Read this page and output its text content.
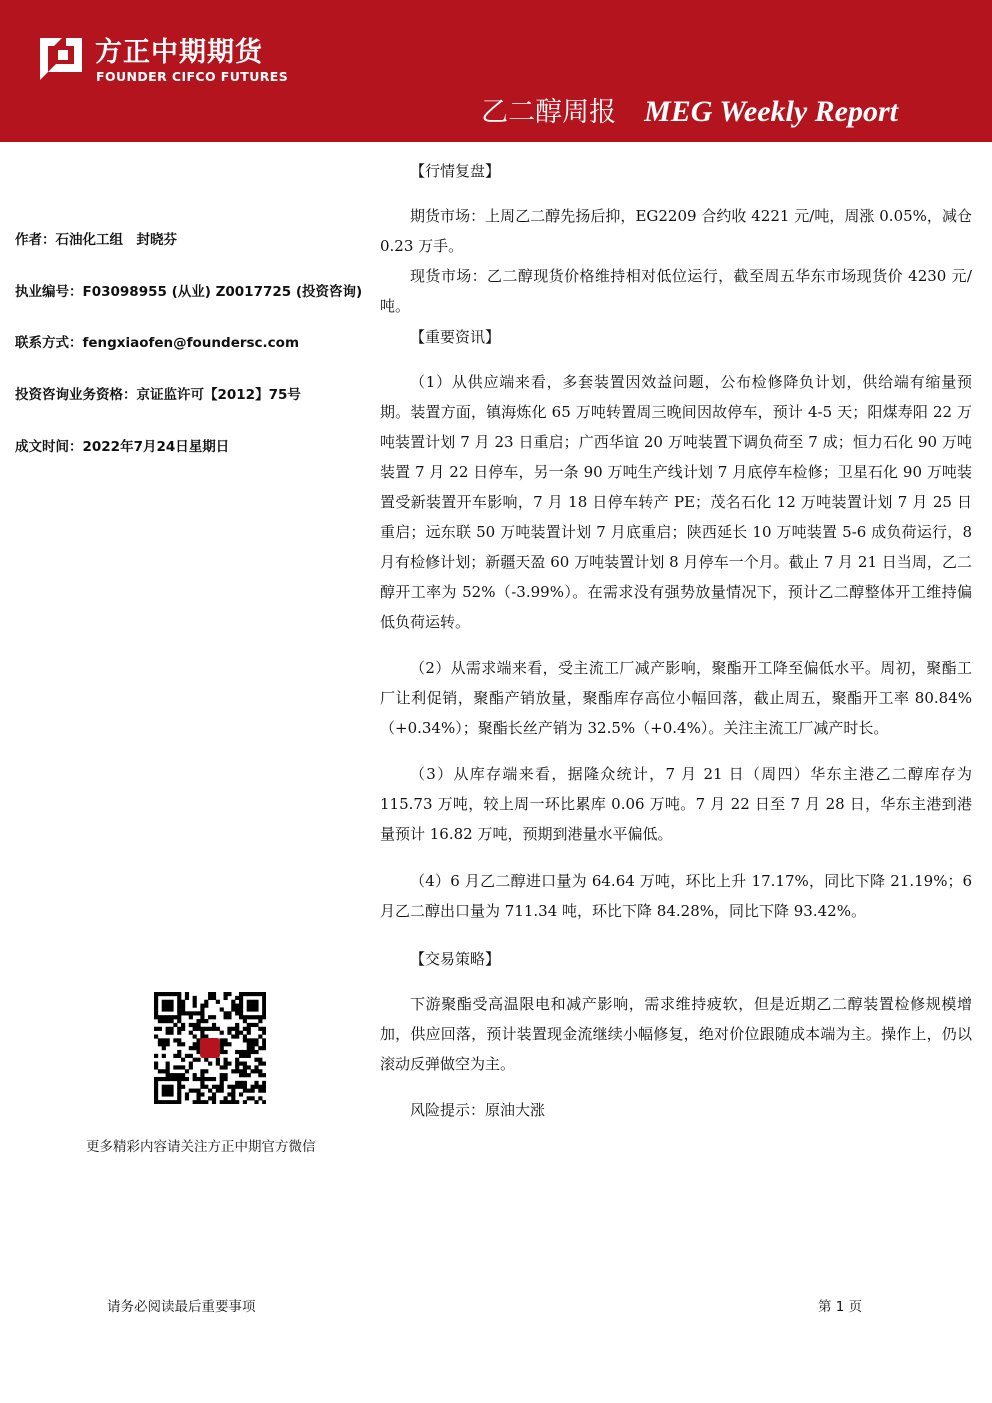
方正中期期货
FOUNDER CIFCO FUTURES
乙二醇周报 MEG Weekly Report
作者：石油化工组　封晓芬
执业编号：F03098955 (从业) Z0017725 (投资咨询)
联系方式：fengxiaofen@foundersc.com
投资咨询业务资格：京证监许可【2012】75号
成文时间：2022年7月24日星期日
更多精彩内容请关注方正中期官方微信
【行情复盘】

期货市场：上周乙二醇先扬后抑，EG2209 合约收 4221 元/吨，周涨 0.05%，减仓 0.23 万手。

现货市场：乙二醇现货价格维持相对低位运行，截至周五华东市场现货价 4230 元/吨。

【重要资讯】

（1）从供应端来看，多套装置因效益问题，公布检修降负计划，供给端有缩量预期。装置方面，镇海炼化 65 万吨转置周三晚间因故停车，预计 4-5 天；阳煤寿阳 22 万吨装置计划 7 月 23 日重启；广西华谊 20 万吨装置下调负荷至 7 成；恒力石化 90 万吨装置 7 月 22 日停车，另一条 90 万吨生产线计划 7 月底停车检修；卫星石化 90 万吨装置受新装置开车影响，7 月 18 日停车转产 PE；茂名石化 12 万吨装置计划 7 月 25 日重启；远东联 50 万吨装置计划 7 月底重启；陕西延长 10 万吨装置 5-6 成负荷运行，8 月有检修计划；新疆天盈 60 万吨装置计划 8 月停车一个月。截止 7 月 21 日当周，乙二醇开工率为 52%（-3.99%）。在需求没有强势放量情况下，预计乙二醇整体开工维持偏低负荷运转。

（2）从需求端来看，受主流工厂减产影响，聚酯开工降至偏低水平。周初，聚酯工厂让利促销，聚酯产销放量，聚酯库存高位小幅回落，截止周五，聚酯开工率 80.84%（+0.34%）；聚酯长丝产销为 32.5%（+0.4%）。关注主流工厂减产时长。

（3）从库存端来看，据隆众统计，7 月 21 日（周四）华东主港乙二醇库存为 115.73 万吨，较上周一环比累库 0.06 万吨。7 月 22 日至 7 月 28 日，华东主港到港量预计 16.82 万吨，预期到港量水平偏低。

（4）6 月乙二醇进口量为 64.64 万吨，环比上升 17.17%，同比下降 21.19%；6 月乙二醇出口量为 711.34 吨，环比下降 84.28%，同比下降 93.42%。

【交易策略】

下游聚酯受高温限电和减产影响，需求维持疲软，但是近期乙二醇装置检修规模增加，供应回落，预计装置现金流继续小幅修复，绝对价位跟随成本端为主。操作上，仍以滚动反弹做空为主。

风险提示：原油大涨

请务必阅读最后重要事项	第 1 页
